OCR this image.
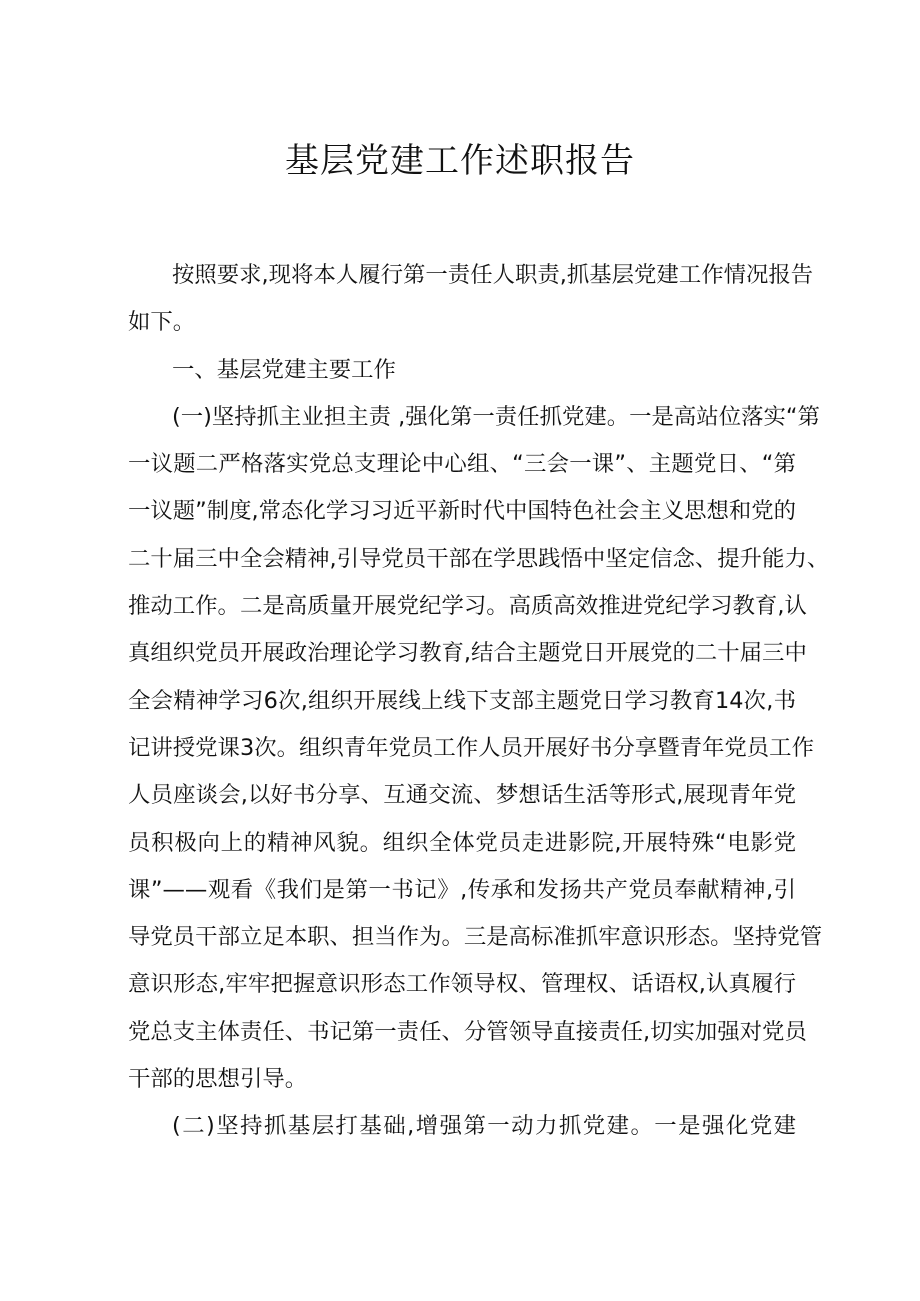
基层党建工作述职报告
按照要求,现将本人履行第一责任人职责,抓基层党建工作情况报告
如下。
一、基层党建主要工作
(一)坚持抓主业担主责 ,强化第一责任抓党建。一是高站位落实“第
一议题二严格落实党总支理论中心组、“三会一课”、主题党日、“第
一议题”制度,常态化学习习近平新时代中国特色社会主义思想和党的
二十届三中全会精神,引导党员干部在学思践悟中坚定信念、提升能力、
推动工作。二是高质量开展党纪学习。高质高效推进党纪学习教育,认
真组织党员开展政治理论学习教育,结合主题党日开展党的二十届三中
全会精神学习6次,组织开展线上线下支部主题党日学习教育14次,书
记讲授党课3次。组织青年党员工作人员开展好书分享暨青年党员工作
人员座谈会,以好书分享、互通交流、梦想话生活等形式,展现青年党
员积极向上的精神风貌。组织全体党员走进影院,开展特殊“电影党
课”——观看《我们是第一书记》,传承和发扬共产党员奉献精神,引
导党员干部立足本职、担当作为。三是高标准抓牢意识形态。坚持党管
意识形态,牢牢把握意识形态工作领导权、管理权、话语权,认真履行
党总支主体责任、书记第一责任、分管领导直接责任,切实加强对党员
干部的思想引导。
(二)坚持抓基层打基础,增强第一动力抓党建。一是强化党建
